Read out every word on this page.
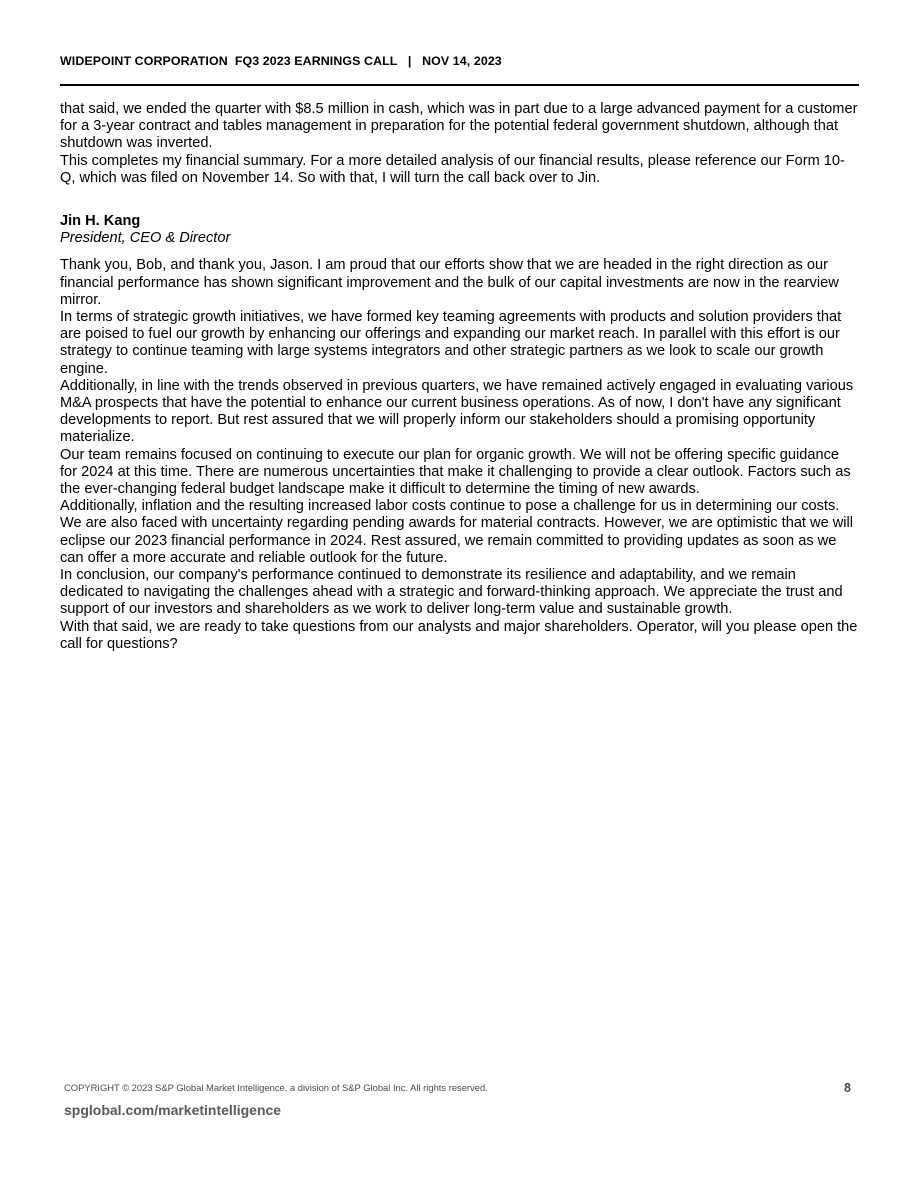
WIDEPOINT CORPORATION  FQ3 2023 EARNINGS CALL   |   NOV 14, 2023

that said, we ended the quarter with $8.5 million in cash, which was in part due to a large advanced payment for a customer for a 3-year contract and tables management in preparation for the potential federal government shutdown, although that shutdown was inverted.

This completes my financial summary. For a more detailed analysis of our financial results, please reference our Form 10-Q, which was filed on November 14. So with that, I will turn the call back over to Jin.

Jin H. Kang
President, CEO & Director

Thank you, Bob, and thank you, Jason. I am proud that our efforts show that we are headed in the right direction as our financial performance has shown significant improvement and the bulk of our capital investments are now in the rearview mirror.

In terms of strategic growth initiatives, we have formed key teaming agreements with products and solution providers that are poised to fuel our growth by enhancing our offerings and expanding our market reach. In parallel with this effort is our strategy to continue teaming with large systems integrators and other strategic partners as we look to scale our growth engine.

Additionally, in line with the trends observed in previous quarters, we have remained actively engaged in evaluating various M&A prospects that have the potential to enhance our current business operations. As of now, I don't have any significant developments to report. But rest assured that we will properly inform our stakeholders should a promising opportunity materialize.

Our team remains focused on continuing to execute our plan for organic growth. We will not be offering specific guidance for 2024 at this time. There are numerous uncertainties that make it challenging to provide a clear outlook. Factors such as the ever-changing federal budget landscape make it difficult to determine the timing of new awards.

Additionally, inflation and the resulting increased labor costs continue to pose a challenge for us in determining our costs. We are also faced with uncertainty regarding pending awards for material contracts. However, we are optimistic that we will eclipse our 2023 financial performance in 2024. Rest assured, we remain committed to providing updates as soon as we can offer a more accurate and reliable outlook for the future.

In conclusion, our company's performance continued to demonstrate its resilience and adaptability, and we remain dedicated to navigating the challenges ahead with a strategic and forward-thinking approach. We appreciate the trust and support of our investors and shareholders as we work to deliver long-term value and sustainable growth.

With that said, we are ready to take questions from our analysts and major shareholders. Operator, will you please open the call for questions?

COPYRIGHT © 2023 S&P Global Market Intelligence, a division of S&P Global Inc. All rights reserved.	8
spglobal.com/marketintelligence
